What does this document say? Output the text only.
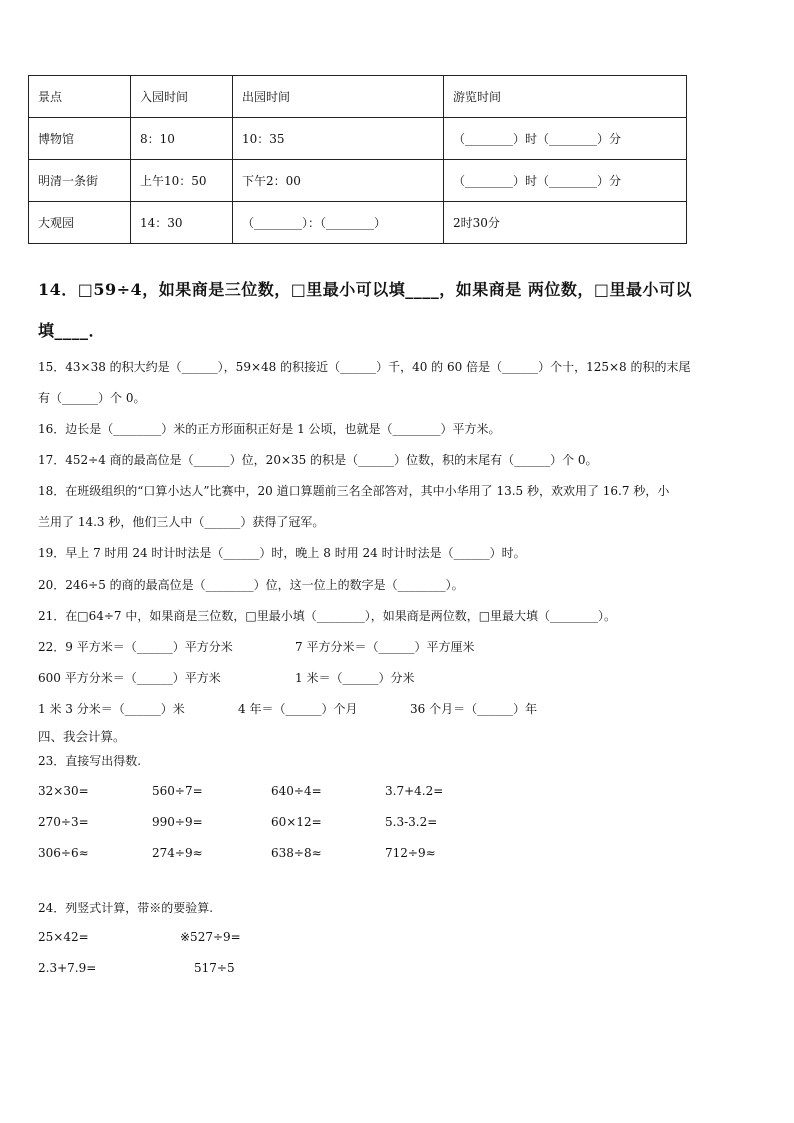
景点	入园时间	出园时间	游览时间
博物馆	8：10	10：35	（________）时（________）分
明清一条街	上午10：50	下午2：00	（________）时（________）分
大观园	14：30	（________）：（________）	2时30分
14．□59÷4，如果商是三位数，□里最小可以填____，如果商是 两位数，□里最小可以
填____．
15．43×38 的积大约是（______），59×48 的积接近（______）千，40 的 60 倍是（______）个十，125×8 的积的末尾
有（______）个 0。
16．边长是（________）米的正方形面积正好是 1 公顷，也就是（________）平方米。
17．452÷4 商的最高位是（______）位，20×35 的积是（______）位数，积的末尾有（______）个 0。
18．在班级组织的“口算小达人”比赛中，20 道口算题前三名全部答对，其中小华用了 13.5 秒，欢欢用了 16.7 秒，小
兰用了 14.3 秒，他们三人中（______）获得了冠军。
19．早上 7 时用 24 时计时法是（______）时，晚上 8 时用 24 时计时法是（______）时。
20．246÷5 的商的最高位是（________）位，这一位上的数字是（________）。
21．在□64÷7 中，如果商是三位数，□里最小填（________），如果商是两位数，□里最大填（________）。
22．9 平方米＝（______）平方分米	7 平方分米＝（______）平方厘米
600 平方分米＝（______）平方米	1 米＝（______）分米
1 米 3 分米＝（______）米	4 年＝（______）个月	36 个月＝（______）年
四、我会计算。
23．直接写出得数.
32×30=	560÷7=	640÷4=	3.7+4.2=
270÷3=	990÷9=	60×12=	5.3-3.2=
306÷6≈	274÷9≈	638÷8≈	712÷9≈
24．列竖式计算，带※的要验算.
25×42=	※527÷9=
2.3+7.9=	517÷5
